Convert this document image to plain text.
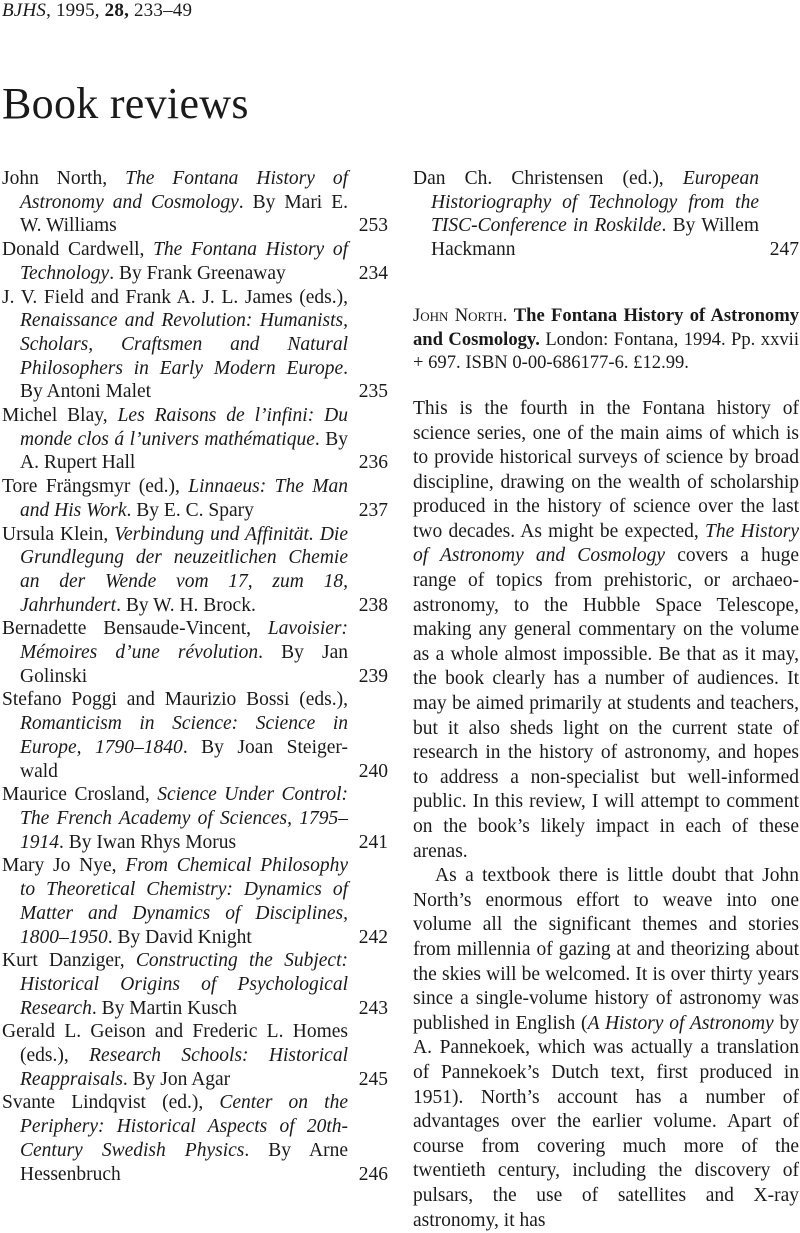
BJHS, 1995, 28, 233–49
Book reviews
John North, The Fontana History of Astronomy and Cosmology. By Mari E. W. Williams	253
Donald Cardwell, The Fontana History of Technology. By Frank Greenaway	234
J. V. Field and Frank A. J. L. James (eds.), Renaissance and Revolution: Humanists, Scholars, Craftsmen and Natural Philosophers in Early Modern Europe. By Antoni Malet	235
Michel Blay, Les Raisons de l’infini: Du monde clos á l’univers mathématique. By A. Rupert Hall	236
Tore Frängsmyr (ed.), Linnaeus: The Man and His Work. By E. C. Spary	237
Ursula Klein, Verbindung und Affinität. Die Grundlegung der neuzeitlichen Chemie an der Wende vom 17, zum 18, Jahrhundert. By W. H. Brock.	238
Bernadette Bensaude-Vincent, Lavoisier: Mémoires d’une révolution. By Jan Golinski	239
Stefano Poggi and Maurizio Bossi (eds.), Romanticism in Science: Science in Europe, 1790–1840. By Joan Steiger-wald	240
Maurice Crosland, Science Under Control: The French Academy of Sciences, 1795–1914. By Iwan Rhys Morus	241
Mary Jo Nye, From Chemical Philosophy to Theoretical Chemistry: Dynamics of Matter and Dynamics of Disciplines, 1800–1950. By David Knight	242
Kurt Danziger, Constructing the Subject: Historical Origins of Psychological Research. By Martin Kusch	243
Gerald L. Geison and Frederic L. Homes (eds.), Research Schools: Historical Reappraisals. By Jon Agar	245
Svante Lindqvist (ed.), Center on the Periphery: Historical Aspects of 20th-Century Swedish Physics. By Arne Hessenbruch	246
Dan Ch. Christensen (ed.), European Historiography of Technology from the TISC-Conference in Roskilde. By Willem Hackmann	247
John North. The Fontana History of Astronomy and Cosmology. London: Fontana, 1994. Pp. xxvii + 697. ISBN 0-00-686177-6. £12.99.

This is the fourth in the Fontana history of science series, one of the main aims of which is to provide historical surveys of science by broad discipline, drawing on the wealth of scholarship produced in the history of science over the last two decades. As might be expected, The History of Astronomy and Cosmology covers a huge range of topics from prehistoric, or archaeo-astronomy, to the Hubble Space Telescope, making any general commentary on the volume as a whole almost impossible. Be that as it may, the book clearly has a number of audiences. It may be aimed primarily at students and teachers, but it also sheds light on the current state of research in the history of astronomy, and hopes to address a non-specialist but well-informed public. In this review, I will attempt to comment on the book’s likely impact in each of these arenas.

As a textbook there is little doubt that John North’s enormous effort to weave into one volume all the significant themes and stories from millennia of gazing at and theorizing about the skies will be welcomed. It is over thirty years since a single-volume history of astronomy was published in English (A History of Astronomy by A. Pannekoek, which was actually a translation of Pannekoek’s Dutch text, first produced in 1951). North’s account has a number of advantages over the earlier volume. Apart of course from covering much more of the twentieth century, including the discovery of pulsars, the use of satellites and X-ray astronomy, it has
